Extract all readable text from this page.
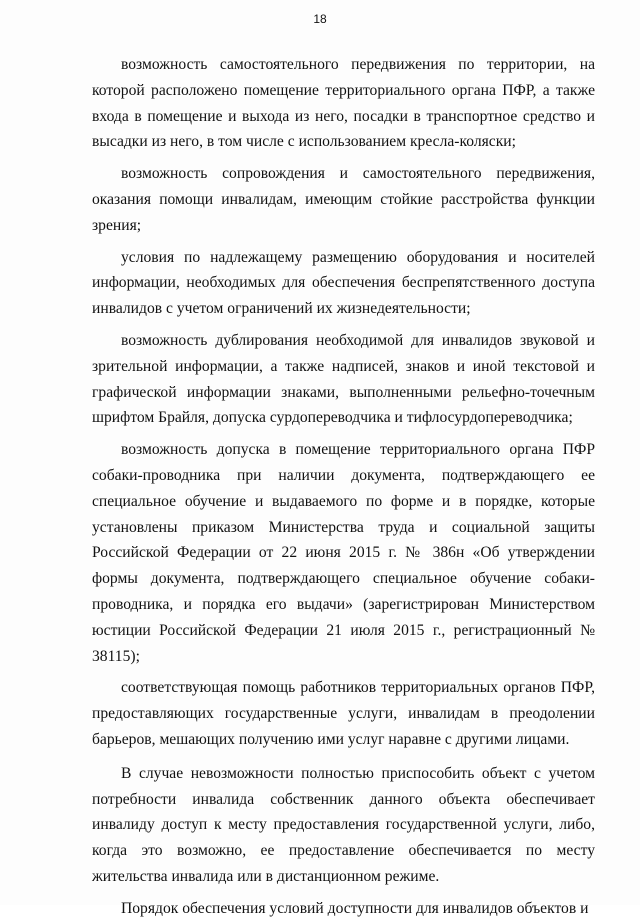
18

возможность самостоятельного передвижения по территории, на которой расположено помещение территориального органа ПФР, а также входа в помещение и выхода из него, посадки в транспортное средство и высадки из него, в том числе с использованием кресла-коляски;

возможность сопровождения и самостоятельного передвижения, оказания помощи инвалидам, имеющим стойкие расстройства функции зрения;

условия по надлежащему размещению оборудования и носителей информации, необходимых для обеспечения беспрепятственного доступа инвалидов с учетом ограничений их жизнедеятельности;

возможность дублирования необходимой для инвалидов звуковой и зрительной информации, а также надписей, знаков и иной текстовой и графической информации знаками, выполненными рельефно-точечным шрифтом Брайля, допуска сурдопереводчика и тифлосурдопереводчика;

возможность допуска в помещение территориального органа ПФР собаки-проводника при наличии документа, подтверждающего ее специальное обучение и выдаваемого по форме и в порядке, которые установлены приказом Министерства труда и социальной защиты Российской Федерации от 22 июня 2015 г. № 386н «Об утверждении формы документа, подтверждающего специальное обучение собаки-проводника, и порядка его выдачи» (зарегистрирован Министерством юстиции Российской Федерации 21 июля 2015 г., регистрационный № 38115);

соответствующая помощь работников территориальных органов ПФР, предоставляющих государственные услуги, инвалидам в преодолении барьеров, мешающих получению ими услуг наравне с другими лицами.

В случае невозможности полностью приспособить объект с учетом потребности инвалида собственник данного объекта обеспечивает инвалиду доступ к месту предоставления государственной услуги, либо, когда это возможно, ее предоставление обеспечивается по месту жительства инвалида или в дистанционном режиме.

Порядок обеспечения условий доступности для инвалидов объектов и
